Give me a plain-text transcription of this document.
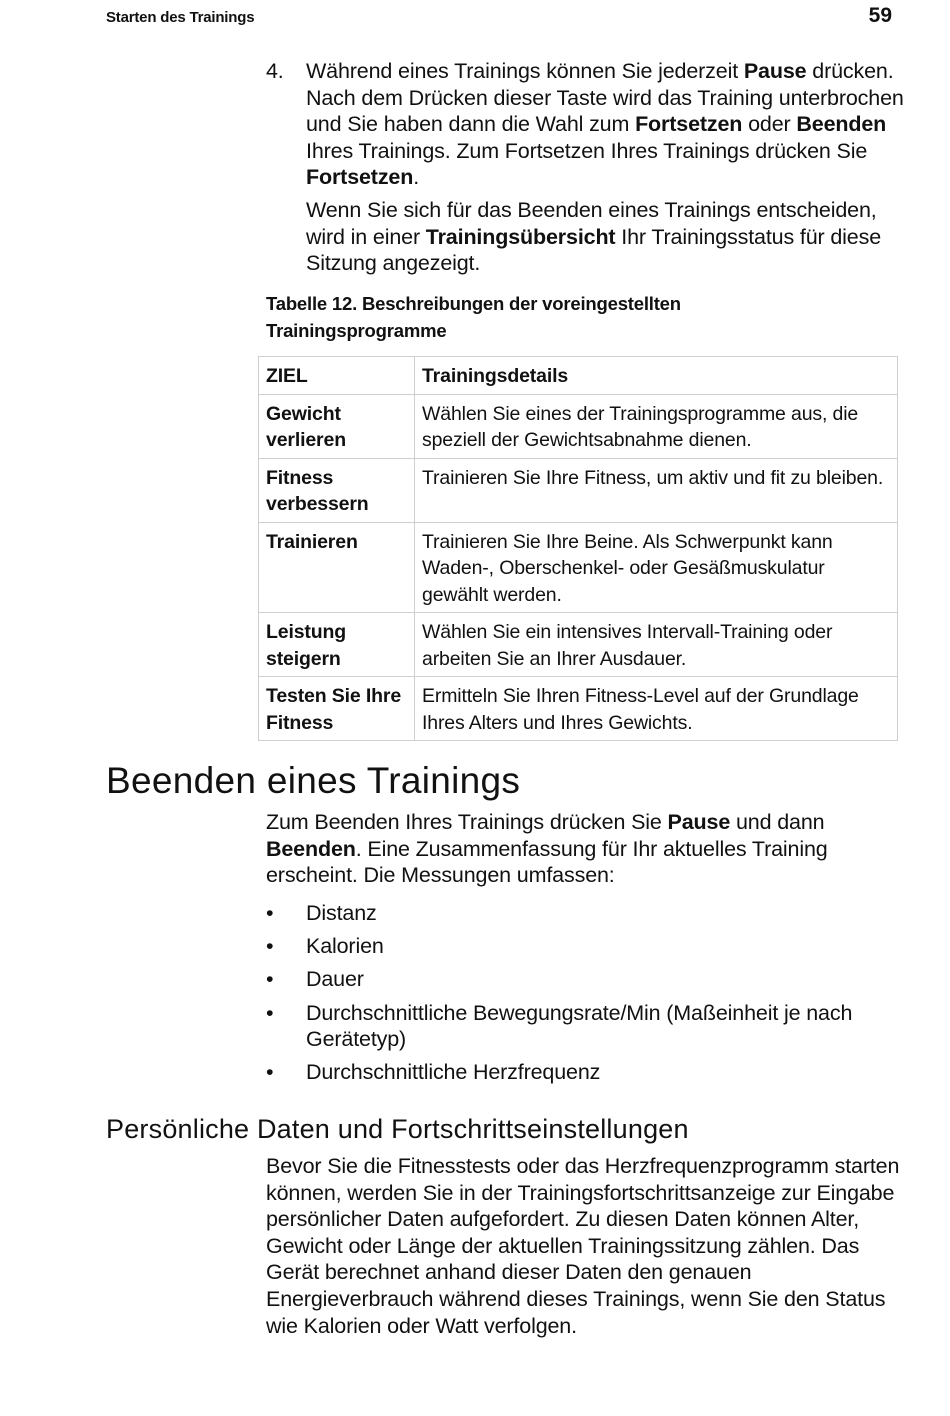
Starten des Trainings	59
4. Während eines Trainings können Sie jederzeit Pause drücken. Nach dem Drücken dieser Taste wird das Training unterbrochen und Sie haben dann die Wahl zum Fortsetzen oder Beenden Ihres Trainings. Zum Fortsetzen Ihres Trainings drücken Sie Fortsetzen.

Wenn Sie sich für das Beenden eines Trainings entscheiden, wird in einer Trainingsübersicht Ihr Trainingsstatus für diese Sitzung angezeigt.

Tabelle 12. Beschreibungen der voreingestellten Trainingsprogramme
ZIEL	Trainingsdetails
Gewicht verlieren	Wählen Sie eines der Trainingsprogramme aus, die speziell der Gewichtsabnahme dienen.
Fitness verbessern	Trainieren Sie Ihre Fitness, um aktiv und fit zu bleiben.
Trainieren	Trainieren Sie Ihre Beine. Als Schwerpunkt kann Waden-, Oberschenkel- oder Gesäßmuskulatur gewählt werden.
Leistung steigern	Wählen Sie ein intensives Intervall-Training oder arbeiten Sie an Ihrer Ausdauer.
Testen Sie Ihre Fitness	Ermitteln Sie Ihren Fitness-Level auf der Grundlage Ihres Alters und Ihres Gewichts.
Beenden eines Trainings

Zum Beenden Ihres Trainings drücken Sie Pause und dann Beenden. Eine Zusammenfassung für Ihr aktuelles Training erscheint. Die Messungen umfassen:

• Distanz
• Kalorien
• Dauer
• Durchschnittliche Bewegungsrate/Min (Maßeinheit je nach Gerätetyp)
• Durchschnittliche Herzfrequenz
Persönliche Daten und Fortschrittseinstellungen

Bevor Sie die Fitnesstests oder das Herzfrequenzprogramm starten können, werden Sie in der Trainingsfortschrittsanzeige zur Eingabe persönlicher Daten aufgefordert. Zu diesen Daten können Alter, Gewicht oder Länge der aktuellen Trainingssitzung zählen. Das Gerät berechnet anhand dieser Daten den genauen Energieverbrauch während dieses Trainings, wenn Sie den Status wie Kalorien oder Watt verfolgen.
